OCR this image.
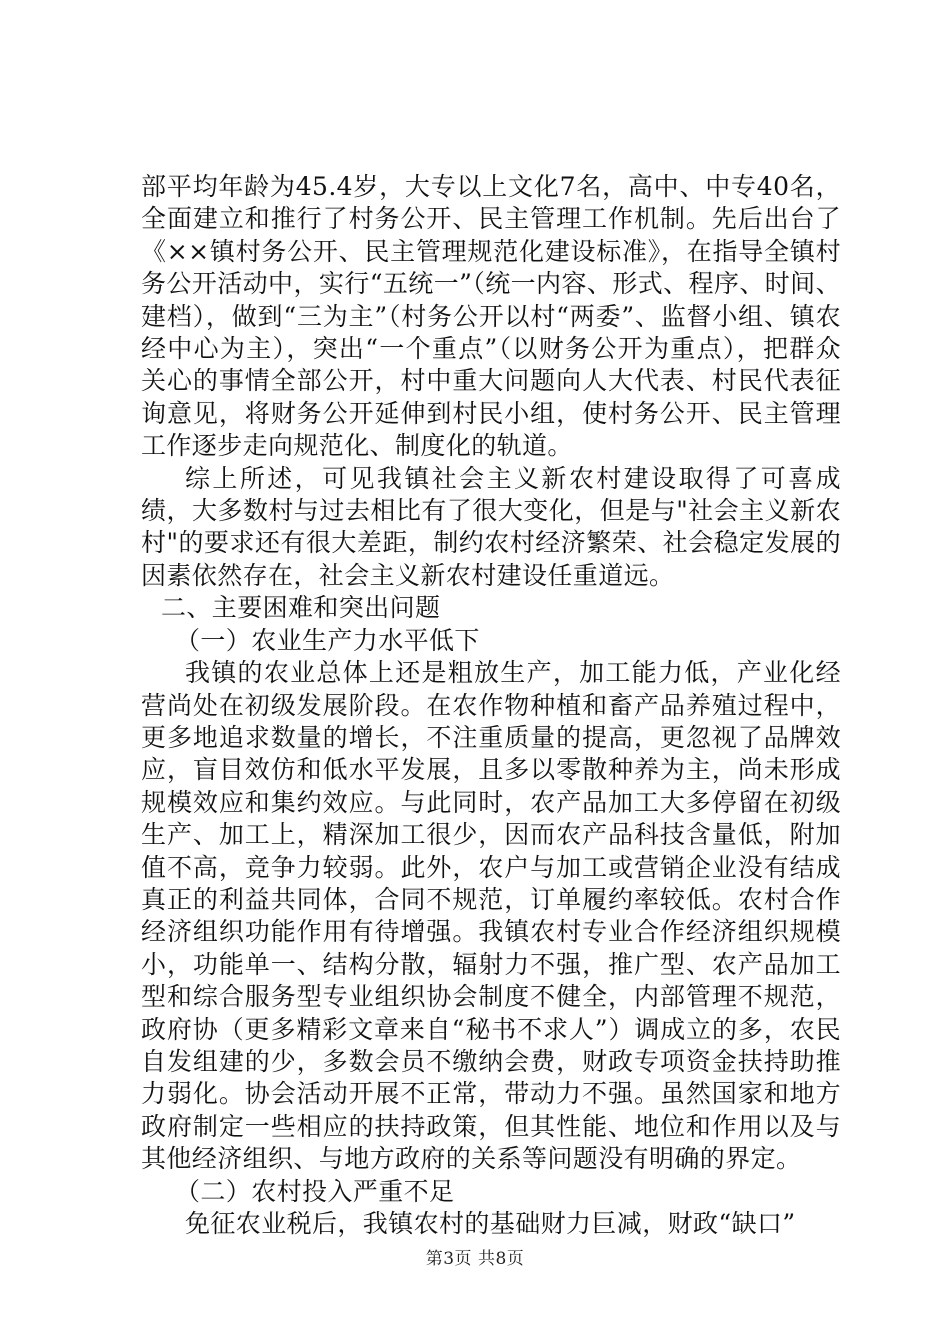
部平均年龄为45.4岁，大专以上文化7名，高中、中专40名，全面建立和推行了村务公开、民主管理工作机制。先后出台了《××镇村务公开、民主管理规范化建设标准》，在指导全镇村务公开活动中，实行“五统一”（统一内容、形式、程序、时间、建档），做到“三为主”（村务公开以村“两委”、监督小组、镇农经中心为主），突出“一个重点”（以财务公开为重点），把群众关心的事情全部公开，村中重大问题向人大代表、村民代表征询意见，将财务公开延伸到村民小组，使村务公开、民主管理工作逐步走向规范化、制度化的轨道。

综上所述，可见我镇社会主义新农村建设取得了可喜成绩，大多数村与过去相比有了很大变化，但是与"社会主义新农村"的要求还有很大差距，制约农村经济繁荣、社会稳定发展的因素依然存在，社会主义新农村建设任重道远。

二、主要困难和突出问题

（一）农业生产力水平低下

我镇的农业总体上还是粗放生产，加工能力低，产业化经营尚处在初级发展阶段。在农作物种植和畜产品养殖过程中，更多地追求数量的增长，不注重质量的提高，更忽视了品牌效应，盲目效仿和低水平发展，且多以零散种养为主，尚未形成规模效应和集约效应。与此同时，农产品加工大多停留在初级生产、加工上，精深加工很少，因而农产品科技含量低，附加值不高，竞争力较弱。此外，农户与加工或营销企业没有结成真正的利益共同体，合同不规范，订单履约率较低。农村合作经济组织功能作用有待增强。我镇农村专业合作经济组织规模小，功能单一、结构分散，辐射力不强，推广型、农产品加工型和综合服务型专业组织协会制度不健全，内部管理不规范，政府协（更多精彩文章来自“秘书不求人”）调成立的多，农民自发组建的少，多数会员不缴纳会费，财政专项资金扶持助推力弱化。协会活动开展不正常，带动力不强。虽然国家和地方政府制定一些相应的扶持政策，但其性能、地位和作用以及与其他经济组织、与地方政府的关系等问题没有明确的界定。

（二）农村投入严重不足

免征农业税后，我镇农村的基础财力巨减，财政“缺口”

第3页 共8页
